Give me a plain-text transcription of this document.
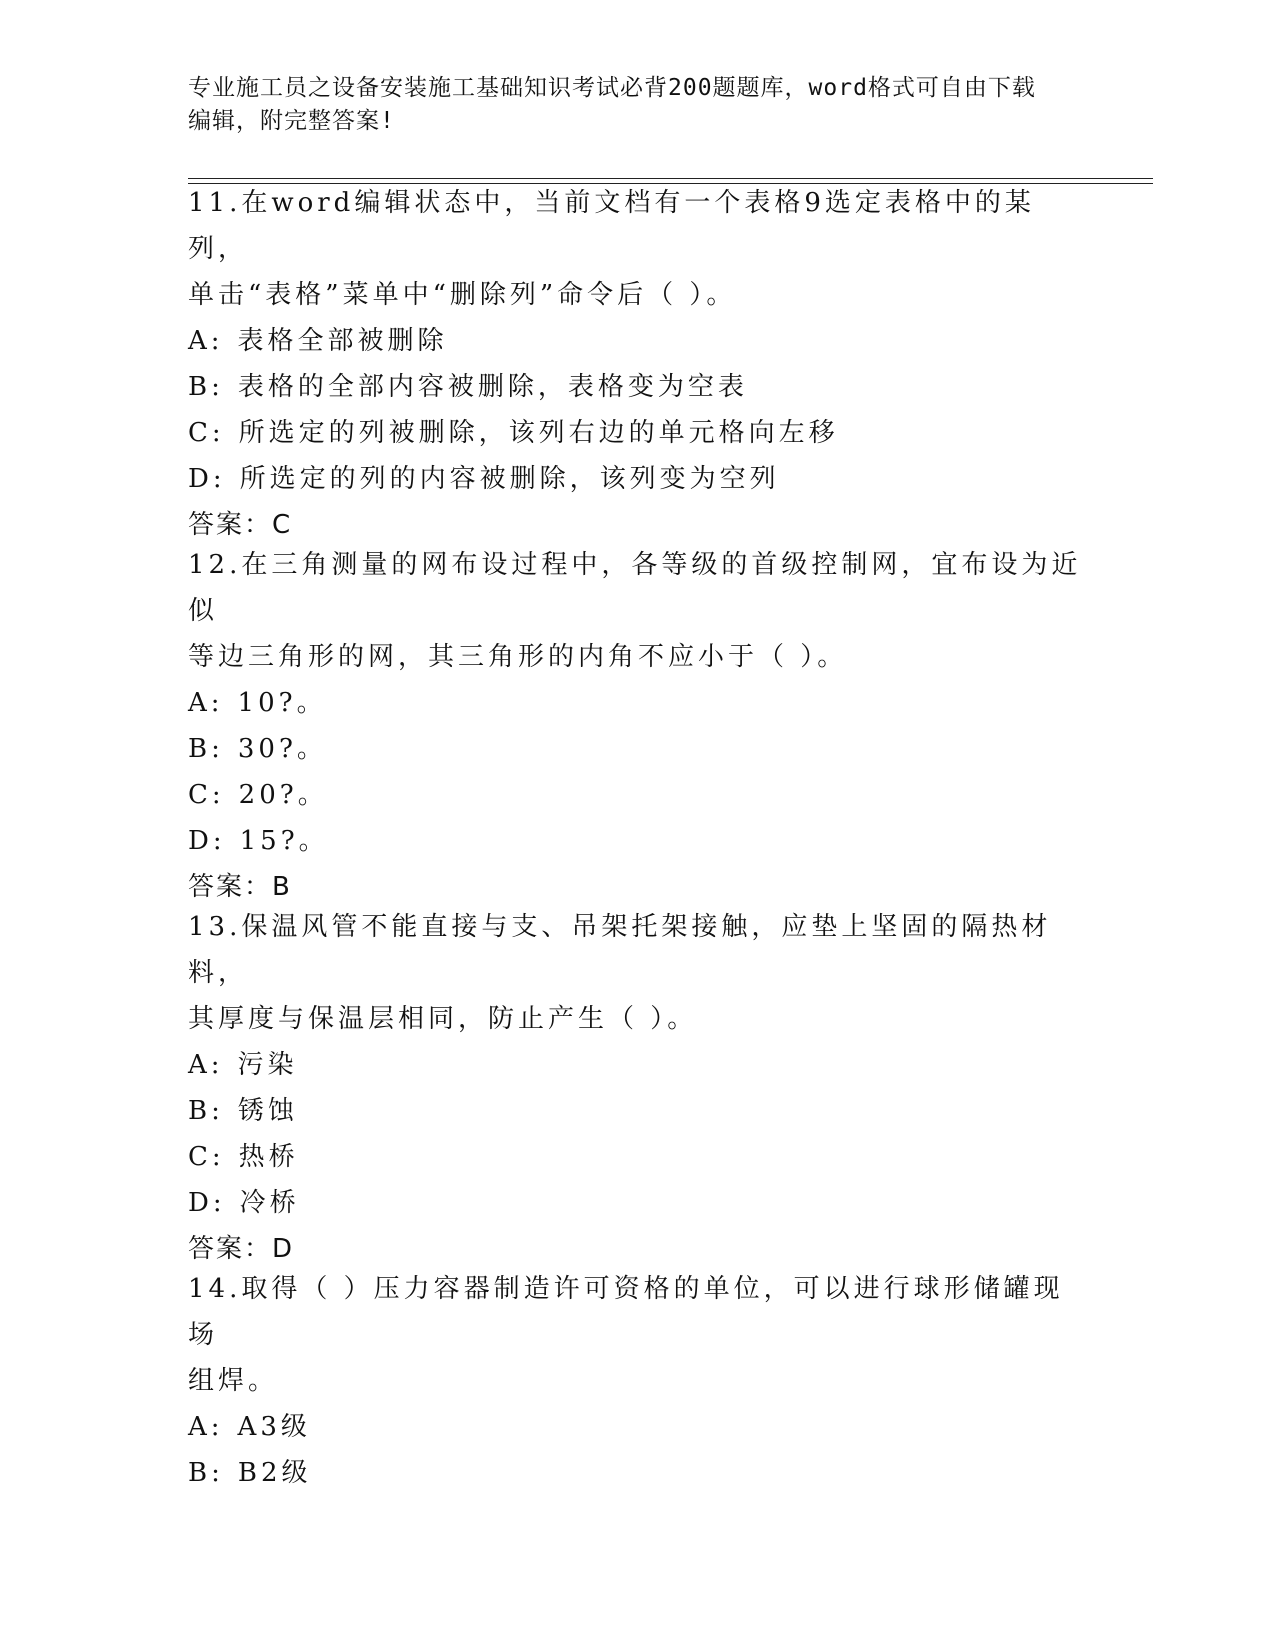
专业施工员之设备安装施工基础知识考试必背200题题库，word格式可自由下载
编辑，附完整答案!

11.在word编辑状态中，当前文档有一个表格9选定表格中的某列，

单击“表格”菜单中“删除列”命令后（ ）。

A: 表格全部被删除
B: 表格的全部内容被删除，表格变为空表
C: 所选定的列被删除，该列右边的单元格向左移
D: 所选定的列的内容被删除，该列变为空列

答案：C

12.在三角测量的网布设过程中，各等级的首级控制网，宜布设为近似

等边三角形的网，其三角形的内角不应小于（ ）。

A: 10?。
B: 30?。
C: 20?。
D: 15?。

答案：B

13.保温风管不能直接与支、吊架托架接触，应垫上坚固的隔热材料，

其厚度与保温层相同，防止产生（ ）。

A: 污染
B: 锈蚀
C: 热桥
D: 冷桥

答案：D

14.取得（ ）压力容器制造许可资格的单位，可以进行球形储罐现场

组焊。

A: A3级
B: B2级
